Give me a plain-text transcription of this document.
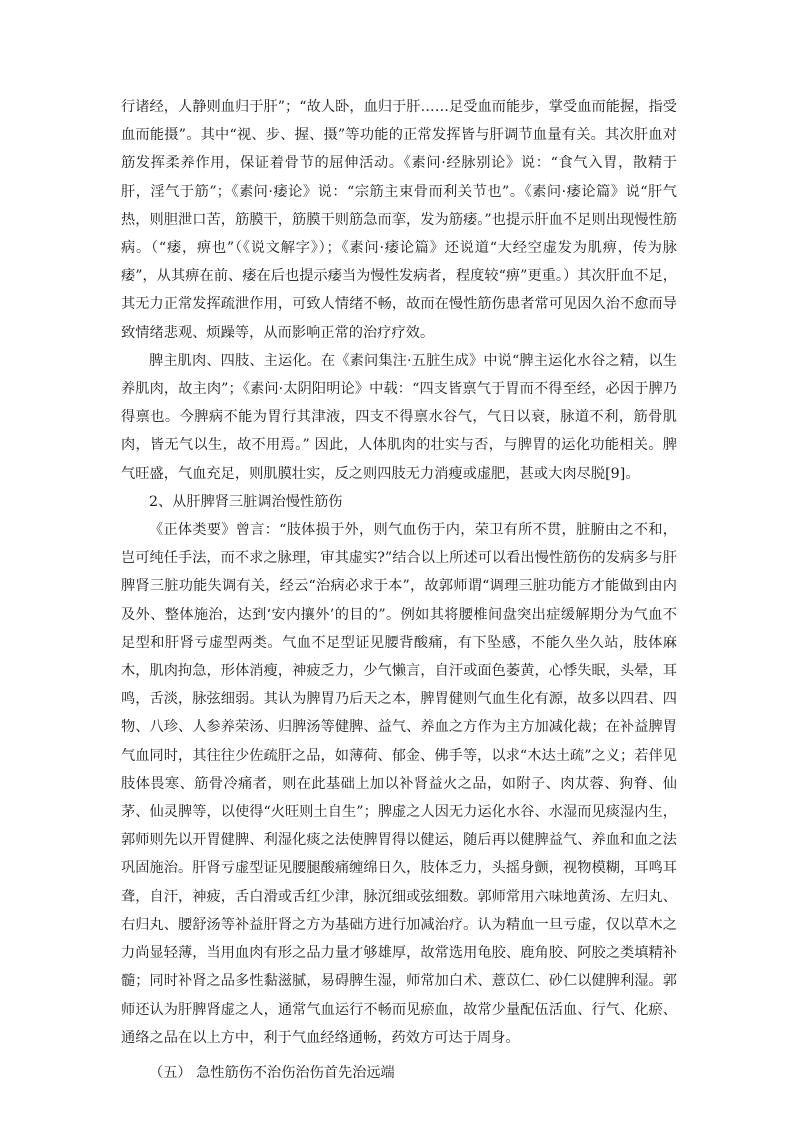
行诸经，人静则血归于肝”；“故人卧，血归于肝……足受血而能步，掌受血而能握，指受血而能摄”。其中“视、步、握、摄”等功能的正常发挥皆与肝调节血量有关。其次肝血对筋发挥柔养作用，保证着骨节的屈伸活动。《素问·经脉别论》说：“食气入胃，散精于肝，淫气于筋”；《素问·痿论》说：“宗筋主束骨而利关节也”。《素问·痿论篇》说“肝气热，则胆泄口苦，筋膜干，筋膜干则筋急而挛，发为筋痿。”也提示肝血不足则出现慢性筋病。（“痿，痹也”（《说文解字》）；《素问·痿论篇》还说道“大经空虚发为肌痹，传为脉痿”，从其痹在前、痿在后也提示痿当为慢性发病者，程度较“痹”更重。）其次肝血不足，其无力正常发挥疏泄作用，可致人情绪不畅，故而在慢性筋伤患者常可见因久治不愈而导致情绪悲观、烦躁等，从而影响正常的治疗疗效。

脾主肌肉、四肢、主运化。在《素问集注·五脏生成》中说“脾主运化水谷之精，以生养肌肉，故主肉”；《素问·太阴阳明论》中载：“四支皆禀气于胃而不得至经，必因于脾乃得禀也。今脾病不能为胃行其津液，四支不得禀水谷气，气日以衰，脉道不利，筋骨肌肉，皆无气以生，故不用焉。” 因此，人体肌肉的壮实与否，与脾胃的运化功能相关。脾气旺盛，气血充足，则肌膜壮实，反之则四肢无力消瘦或虚肥，甚或大肉尽脱[9]。

2、从肝脾肾三脏调治慢性筋伤

《正体类要》曾言：“肢体损于外，则气血伤于内，荣卫有所不贯，脏腑由之不和，岂可纯任手法，而不求之脉理，审其虚实?”结合以上所述可以看出慢性筋伤的发病多与肝脾肾三脏功能失调有关，经云“治病必求于本”，故郭师谓“调理三脏功能方才能做到由内及外、整体施治，达到‘安内攘外’的目的”。例如其将腰椎间盘突出症缓解期分为气血不足型和肝肾亏虚型两类。气血不足型证见腰背酸痛，有下坠感，不能久坐久站，肢体麻木，肌肉拘急，形体消瘦，神疲乏力，少气懒言，自汗或面色萎黄，心悸失眠，头晕，耳鸣，舌淡，脉弦细弱。其认为脾胃乃后天之本，脾胃健则气血生化有源，故多以四君、四物、八珍、人参养荣汤、归脾汤等健脾、益气、养血之方作为主方加减化裁；在补益脾胃气血同时，其往往少佐疏肝之品，如薄荷、郁金、佛手等，以求“木达土疏”之义；若伴见肢体畏寒、筋骨冷痛者，则在此基础上加以补肾益火之品，如附子、肉苁蓉、狗脊、仙茅、仙灵脾等，以使得“火旺则土自生”；脾虚之人因无力运化水谷、水湿而见痰湿内生，郭师则先以开胃健脾、利湿化痰之法使脾胃得以健运，随后再以健脾益气、养血和血之法巩固施治。肝肾亏虚型证见腰腿酸痛缠绵日久，肢体乏力，头摇身颤，视物模糊，耳鸣耳聋，自汗，神疲，舌白滑或舌红少津，脉沉细或弦细数。郭师常用六味地黄汤、左归丸、右归丸、腰舒汤等补益肝肾之方为基础方进行加减治疗。认为精血一旦亏虚，仅以草木之力尚显轻薄，当用血肉有形之品力量才够雄厚，故常选用龟胶、鹿角胶、阿胶之类填精补髓；同时补肾之品多性黏滋腻，易碍脾生湿，师常加白术、薏苡仁、砂仁以健脾利湿。郭师还认为肝脾肾虚之人，通常气血运行不畅而见瘀血，故常少量配伍活血、行气、化瘀、通络之品在以上方中，利于气血经络通畅，药效方可达于周身。

（五） 急性筋伤不治伤治伤首先治远端
